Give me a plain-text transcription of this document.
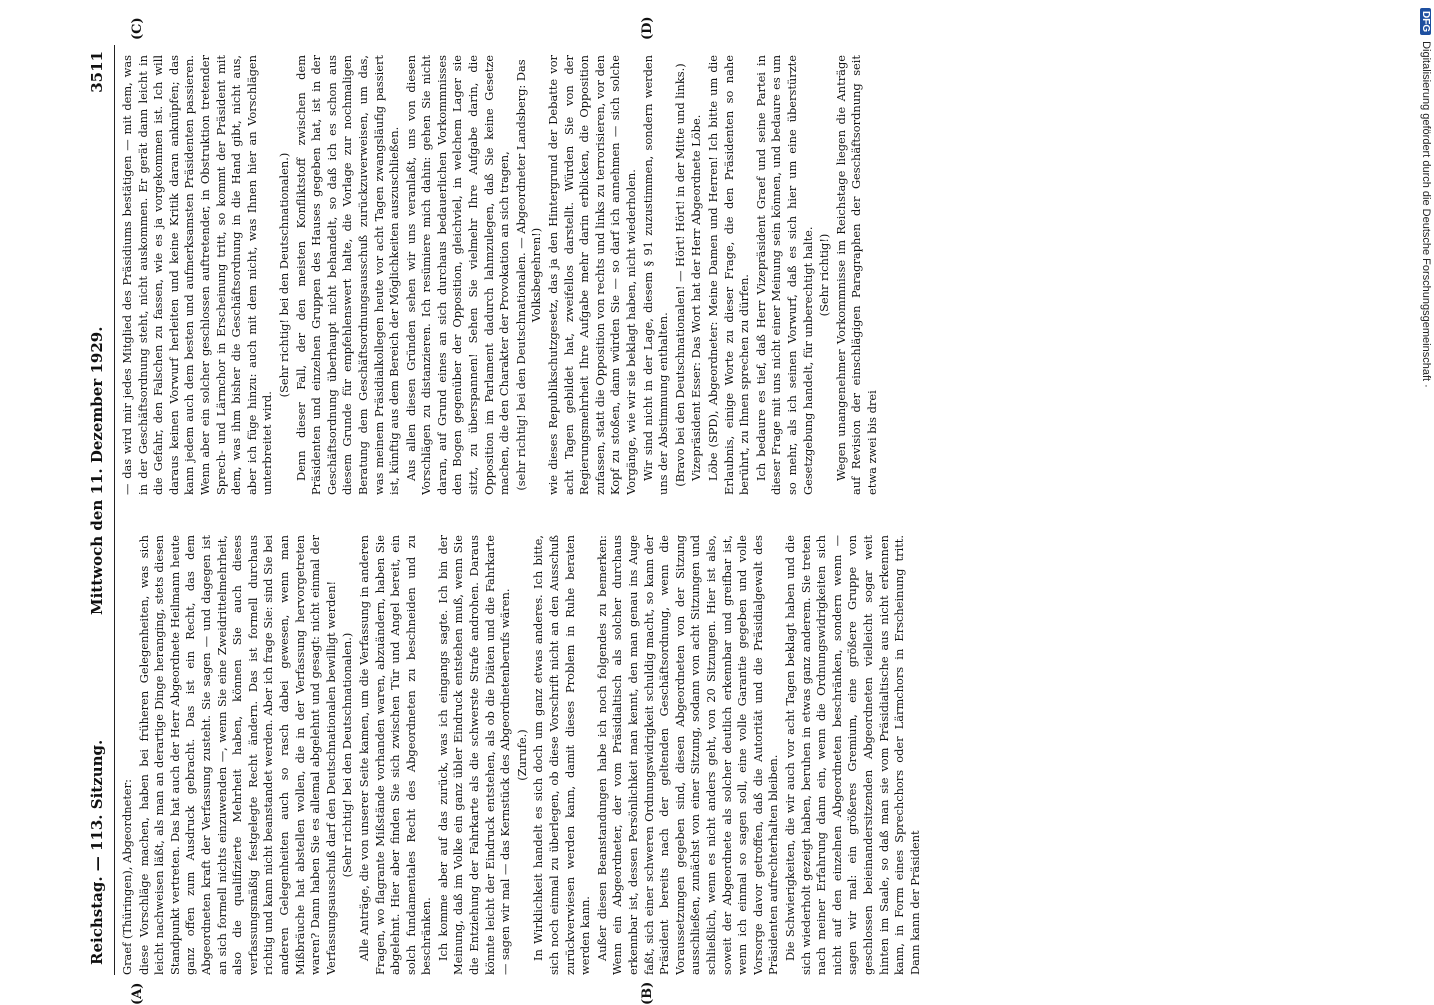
Reichstag. — 113. Sitzung.
Mittwoch den 11. Dezember 1929.
3511

Graef (Thüringen), Abgeordneter: diese Vorschläge machen, haben bei früheren Gelegenheiten, was sich leicht nachweisen läßt, als man an derartige Dinge heranging, stets diesen Standpunkt vertreten. Das hat auch der Herr Abgeordnete Heilmann heute ganz offen zum Ausdruck gebracht. Das ist ein Recht, das dem Abgeordneten kraft der Verfassung zusteht. Sie sagen — und dagegen ist an sich formell nichts einzuwenden —, wenn Sie eine Zweidrittelmehrheit, also die qualifizierte Mehrheit haben, können Sie auch dieses verfassungsmäßig festgelegte Recht ändern. Das ist formell durchaus richtig und kann nicht beanstandet werden. Aber ich frage Sie: sind Sie bei anderen Gelegenheiten auch so rasch dabei gewesen, wenn man Mißbräuche hat abstellen wollen, die in der Verfassung hervorgetreten waren? Dann haben Sie es allemal abgelehnt und gesagt: nicht einmal der Verfassungsausschuß darf den Deutschnationalen bewilligt werden! (Sehr richtig! bei den Deutschnationalen.) Alle Anträge, die von unserer Seite kamen, um die Verfassung in anderen Fragen, wo flagrante Mißstände vorhanden waren, abzuändern, haben Sie abgelehnt. Hier aber finden Sie sich zwischen Tür und Angel bereit, ein solch fundamentales Recht des Abgeordneten zu beschneiden und zu beschränken. Ich komme aber auf das zurück, was ich eingangs sagte. Ich bin der Meinung, daß im Volke ein ganz übler Eindruck entstehen muß, wenn Sie die Entziehung der Fahrkarte als die schwerste Strafe androhen. Daraus könnte leicht der Eindruck entstehen, als ob die Diäten und die Fahrkarte — sagen wir mal — das Kernstück des Abgeordnetenberufs wären. (Zurufe.) In Wirklichkeit handelt es sich doch um ganz etwas anderes. Ich bitte, sich noch einmal zu überlegen, ob diese Vorschrift nicht an den Ausschuß zurückverwiesen werden kann, damit dieses Problem in Ruhe beraten werden kann. Außer diesen Beanstandungen habe ich noch folgendes zu bemerken: Wenn ein Abgeordneter, der vom Präsidialtisch als solcher durchaus erkennbar ist, dessen Persönlichkeit man kennt, den man genau ins Auge faßt, sich einer schweren Ordnungswidrigkeit schuldig macht, so kann der Präsident bereits nach der geltenden Geschäftsordnung, wenn die Voraussetzungen gegeben sind, diesen Abgeordneten von der Sitzung ausschließen, zunächst von einer Sitzung, sodann von acht Sitzungen und schließlich, wenn es nicht anders geht, von 20 Sitzungen. Hier ist also, soweit der Abgeordnete als solcher deutlich erkennbar und greifbar ist, wenn ich einmal so sagen soll, eine volle Garantie gegeben und volle Vorsorge davor getroffen, daß die Autorität und die Präsidialgewalt des Präsidenten aufrechterhalten bleiben. Die Schwierigkeiten, die wir auch vor acht Tagen beklagt haben und die sich wiederholt gezeigt haben, beruhen in etwas ganz anderem. Sie treten nach meiner Erfahrung dann ein, wenn die Ordnungswidrigkeiten sich nicht auf den einzelnen Abgeordneten beschränken, sondern wenn — sagen wir mal: ein größeres Gremium, eine größere Gruppe von geschlossen beieinandersitzenden Abgeordneten vielleicht sogar weit hinten im Saale, so daß man sie vom Präsidialtische aus nicht erkennen kann, in Form eines Sprechchors oder Lärmchors in Erscheinung tritt. Dann kann der Präsident

— das wird mir jedes Mitglied des Präsidiums bestätigen — mit dem, was in der Geschäftsordnung steht, nicht auskommen. Er gerät dann leicht in die Gefahr, den Falschen zu fassen, wie es ja vorgekommen ist. Ich will daraus keinen Vorwurf herleiten und keine Kritik daran anknüpfen; das kann jedem auch dem besten und aufmerksamsten Präsidenten passieren. Wenn aber ein solcher geschlossen auftretender, in Obstruktion tretender Sprech- und Lärmchor in Erscheinung tritt, so kommt der Präsident mit dem, was ihm bisher die Geschäftsordnung in die Hand gibt, nicht aus, aber ich füge hinzu: auch mit dem nicht, was Ihnen hier an Vorschlägen unterbreitet wird.

(Sehr richtig! bei den Deutschnationalen.) Denn dieser Fall, der den meisten Konfliktstoff zwischen dem Präsidenten und einzelnen Gruppen des Hauses gegeben hat, ist in der Geschäftsordnung überhaupt nicht behandelt, so daß ich es schon aus diesem Grunde für empfehlenswert halte, die Vorlage zur nochmaligen Beratung dem Geschäftsordnungsausschuß zurückzuverweisen, um das, was meinem Präsidialkollegen heute vor acht Tagen zwangsläufig passiert ist, künftig aus dem Bereich der Möglichkeiten auszuschließen. Aus allen diesen Gründen sehen wir uns veranlaßt, uns von diesen Vorschlägen zu distanzieren. Ich resümiere mich dahin: gehen Sie nicht daran, auf Grund eines an sich durchaus bedauerlichen Vorkommnisses den Bogen gegenüber der Opposition, gleichviel, in welchem Lager sie sitzt, zu überspannen! Sehen Sie vielmehr Ihre Aufgabe darin, die Opposition im Parlament dadurch lahmzulegen, daß Sie keine Gesetze machen, die den Charakter der Provokation an sich tragen, (sehr richtig! bei den Deutschnationalen. — Abgeordneter Landsberg: Das Volksbegehren!) wie dieses Republikschutzgesetz, das ja den Hintergrund der Debatte vor acht Tagen gebildet hat, zweifellos darstellt. Würden Sie von der Regierungsmehrheit Ihre Aufgabe mehr darin erblicken, die Opposition zufassen, statt die Opposition von rechts und links zu terrorisieren, vor den Kopf zu stoßen, dann würden Sie — so darf ich annehmen — sich solche Vorgänge, wie wir sie beklagt haben, nicht wiederholen. Wir sind nicht in der Lage, diesem § 91 zuzustimmen, sondern werden uns der Abstimmung enthalten. (Bravo bei den Deutschnationalen! — Hört! Hört! in der Mitte und links.) Vizepräsident Esser: Das Wort hat der Herr Abgeordnete Löbe. Löbe (SPD), Abgeordneter: Meine Damen und Herren! Ich bitte um die Erlaubnis, einige Worte zu dieser Frage, die den Präsidenten so nahe berührt, zu Ihnen sprechen zu dürfen. Ich bedaure es tief, daß Herr Vizepräsident Graef und seine Partei in dieser Frage mit uns nicht einer Meinung sein können, und bedaure es um so mehr, als ich seinen Vorwurf, daß es sich hier um eine überstürzte Gesetzgebung handelt, für unberechtigt halte. (Sehr richtig!) Wegen unangenehmer Vorkommnisse im Reichstage liegen die Anträge auf Revision der einschlägigen Paragraphen der Geschäftsordnung seit etwa zwei bis drei

(A)	(B)
(C)	(D)	DFGDigitalisierung gefördert durch die Deutsche Forschungsgemeinschaft ·
